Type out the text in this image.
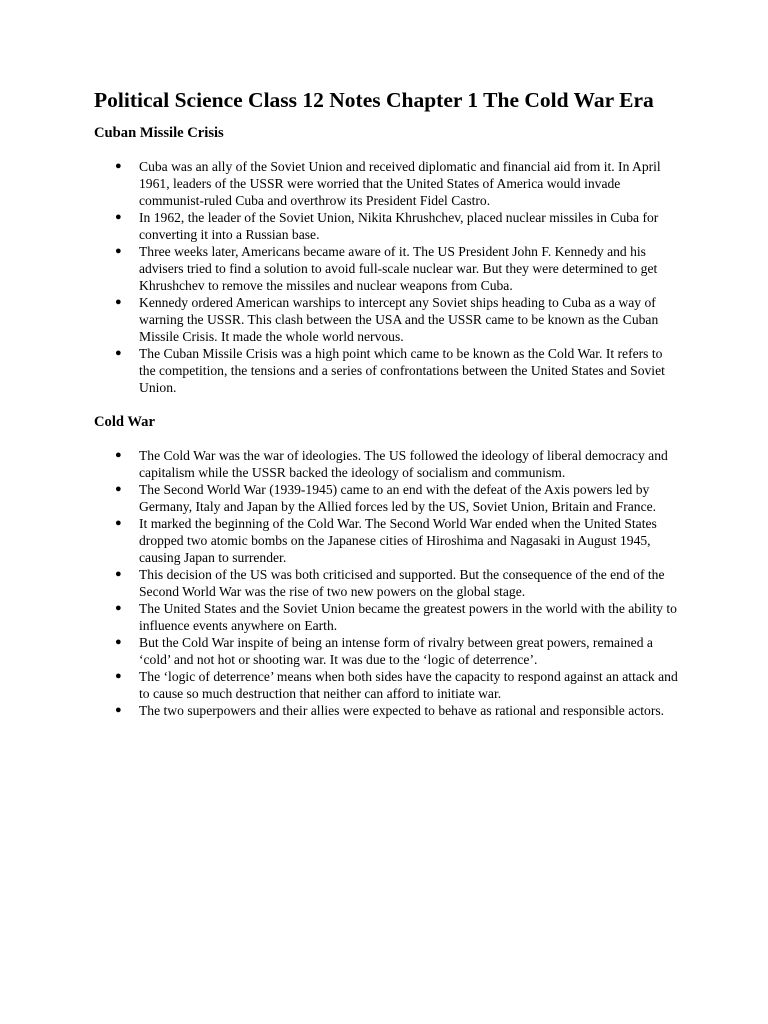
Political Science Class 12 Notes Chapter 1 The Cold War Era
Cuban Missile Crisis
● Cuba was an ally of the Soviet Union and received diplomatic and financial aid from it. In April 1961, leaders of the USSR were worried that the United States of America would invade communist-ruled Cuba and overthrow its President Fidel Castro.
● In 1962, the leader of the Soviet Union, Nikita Khrushchev, placed nuclear missiles in Cuba for converting it into a Russian base.
● Three weeks later, Americans became aware of it. The US President John F. Kennedy and his advisers tried to find a solution to avoid full-scale nuclear war. But they were determined to get Khrushchev to remove the missiles and nuclear weapons from Cuba.
● Kennedy ordered American warships to intercept any Soviet ships heading to Cuba as a way of warning the USSR. This clash between the USA and the USSR came to be known as the Cuban Missile Crisis. It made the whole world nervous.
● The Cuban Missile Crisis was a high point which came to be known as the Cold War. It refers to the competition, the tensions and a series of confrontations between the United States and Soviet Union.
Cold War
● The Cold War was the war of ideologies. The US followed the ideology of liberal democracy and capitalism while the USSR backed the ideology of socialism and communism.
● The Second World War (1939-1945) came to an end with the defeat of the Axis powers led by Germany, Italy and Japan by the Allied forces led by the US, Soviet Union, Britain and France.
● It marked the beginning of the Cold War. The Second World War ended when the United States dropped two atomic bombs on the Japanese cities of Hiroshima and Nagasaki in August 1945, causing Japan to surrender.
● This decision of the US was both criticised and supported. But the consequence of the end of the Second World War was the rise of two new powers on the global stage.
● The United States and the Soviet Union became the greatest powers in the world with the ability to influence events anywhere on Earth.
● But the Cold War inspite of being an intense form of rivalry between great powers, remained a ‘cold’ and not hot or shooting war. It was due to the ‘logic of deterrence’.
● The ‘logic of deterrence’ means when both sides have the capacity to respond against an attack and to cause so much destruction that neither can afford to initiate war.
● The two superpowers and their allies were expected to behave as rational and responsible actors.
